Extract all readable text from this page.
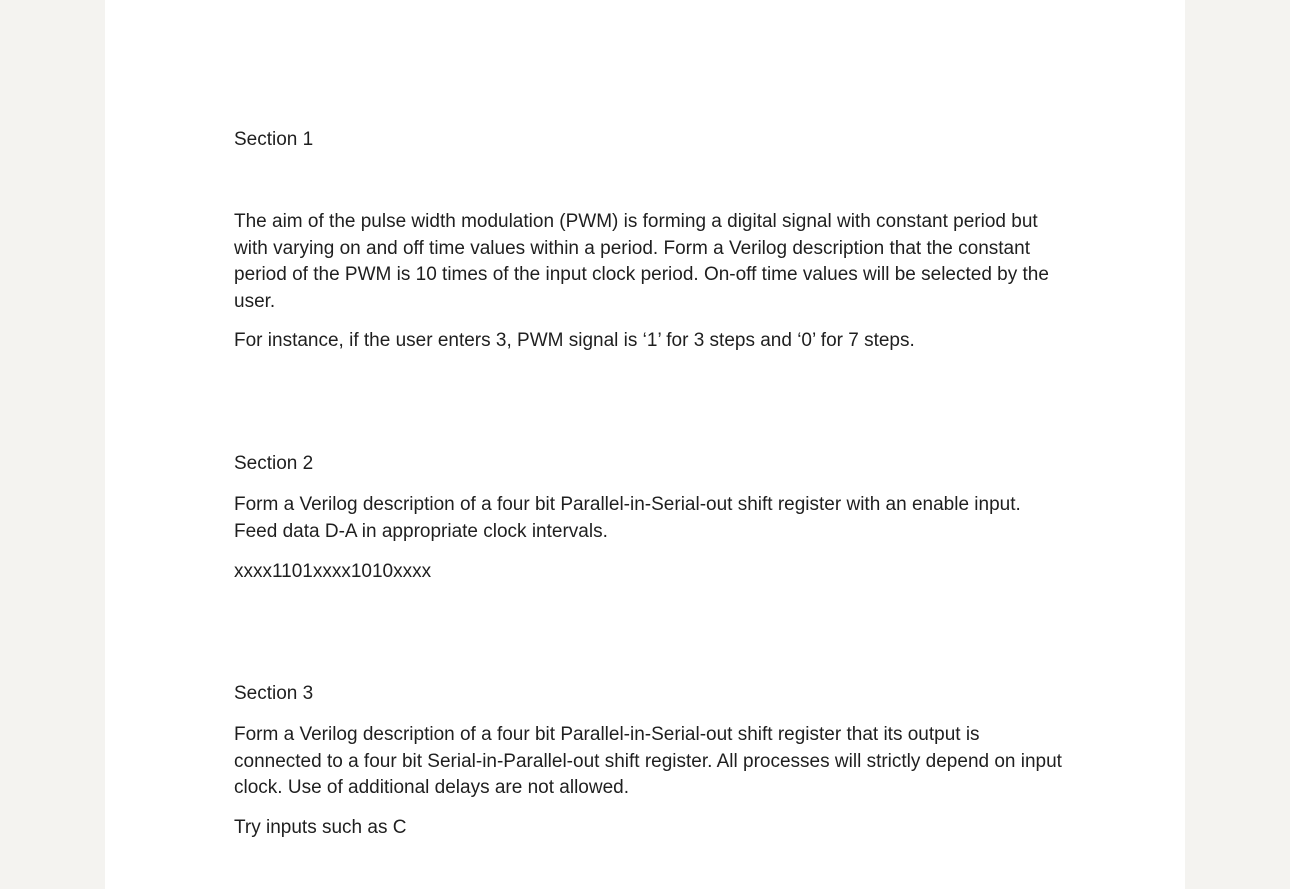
Section 1

The aim of the pulse width modulation (PWM) is forming a digital signal with constant period but with varying on and off time values within a period. Form a Verilog description that the constant period of the PWM is 10 times of the input clock period. On-off time values will be selected by the user.

For instance, if the user enters 3, PWM signal is ‘1’ for 3 steps and ‘0’ for 7 steps.

Section 2

Form a Verilog description of a four bit Parallel-in-Serial-out shift register with an enable input. Feed data D-A in appropriate clock intervals.

xxxx1101xxxx1010xxxx

Section 3

Form a Verilog description of a four bit Parallel-in-Serial-out shift register that its output is connected to a four bit Serial-in-Parallel-out shift register. All processes will strictly depend on input clock. Use of additional delays are not allowed.

Try inputs such as C
